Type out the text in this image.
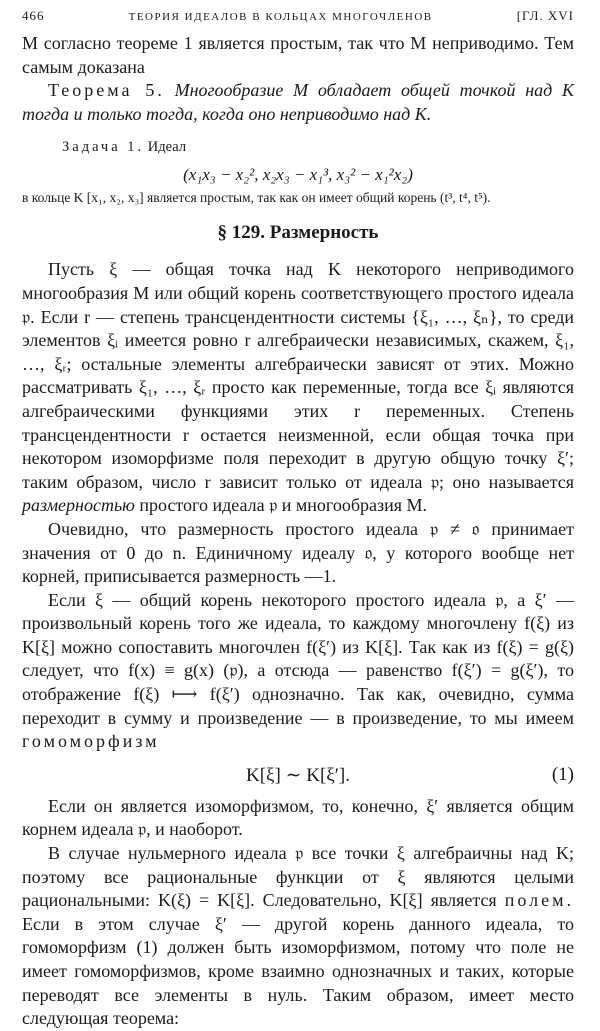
466	ТЕОРИЯ ИДЕАЛОВ В КОЛЬЦАХ МНОГОЧЛЕНОВ	[ГЛ. XVI

M согласно теореме 1 является простым, так что M неприводимо. Тем самым доказана

Теорема 5. Многообразие M обладает общей точкой над K тогда и только тогда, когда оно неприводимо над K.

Задача 1. Идеал

(x₁x₃ − x₂², x₂x₃ − x₁³, x₃² − x₁²x₂)

в кольце K [x₁, x₂, x₃] является простым, так как он имеет общий корень (t³, t⁴, t⁵).

§ 129. Размерность

Пусть ξ — общая точка над K некоторого неприводимого многообразия M или общий корень соответствующего простого идеала 𝔭. Если r — степень трансцендентности системы {ξ₁, …, ξₙ}, то среди элементов ξᵢ имеется ровно r алгебраически независимых, скажем, ξ₁, …, ξᵣ; остальные элементы алгебраически зависят от этих. Можно рассматривать ξ₁, …, ξᵣ просто как переменные, тогда все ξᵢ являются алгебраическими функциями этих r переменных. Степень трансцендентности r остается неизменной, если общая точка при некотором изоморфизме поля переходит в другую общую точку ξ′; таким образом, число r зависит только от идеала 𝔭; оно называется размерностью простого идеала 𝔭 и многообразия M.

Очевидно, что размерность простого идеала 𝔭 ≠ 𝔬 принимает значения от 0 до n. Единичному идеалу 𝔬, у которого вообще нет корней, приписывается размерность —1.

Если ξ — общий корень некоторого простого идеала 𝔭, а ξ′ — произвольный корень того же идеала, то каждому многочлену f(ξ) из K[ξ] можно сопоставить многочлен f(ξ′) из K[ξ]. Так как из f(ξ) = g(ξ) следует, что f(x) ≡ g(x) (𝔭), а отсюда — равенство f(ξ′) = g(ξ′), то отображение f(ξ) ⟼ f(ξ′) однозначно. Так как, очевидно, сумма переходит в сумму и произведение — в произведение, то мы имеем гомоморфизм

K[ξ] ∼ K[ξ′].	(1)

Если он является изоморфизмом, то, конечно, ξ′ является общим корнем идеала 𝔭, и наоборот.

В случае нульмерного идеала 𝔭 все точки ξ алгебраичны над K; поэтому все рациональные функции от ξ являются целыми рациональными: K(ξ) = K[ξ]. Следовательно, K[ξ] является полем. Если в этом случае ξ′ — другой корень данного идеала, то гомоморфизм (1) должен быть изоморфизмом, потому что поле не имеет гомоморфизмов, кроме взаимно однозначных и таких, которые переводят все элементы в нуль. Таким образом, имеет место следующая теорема:
